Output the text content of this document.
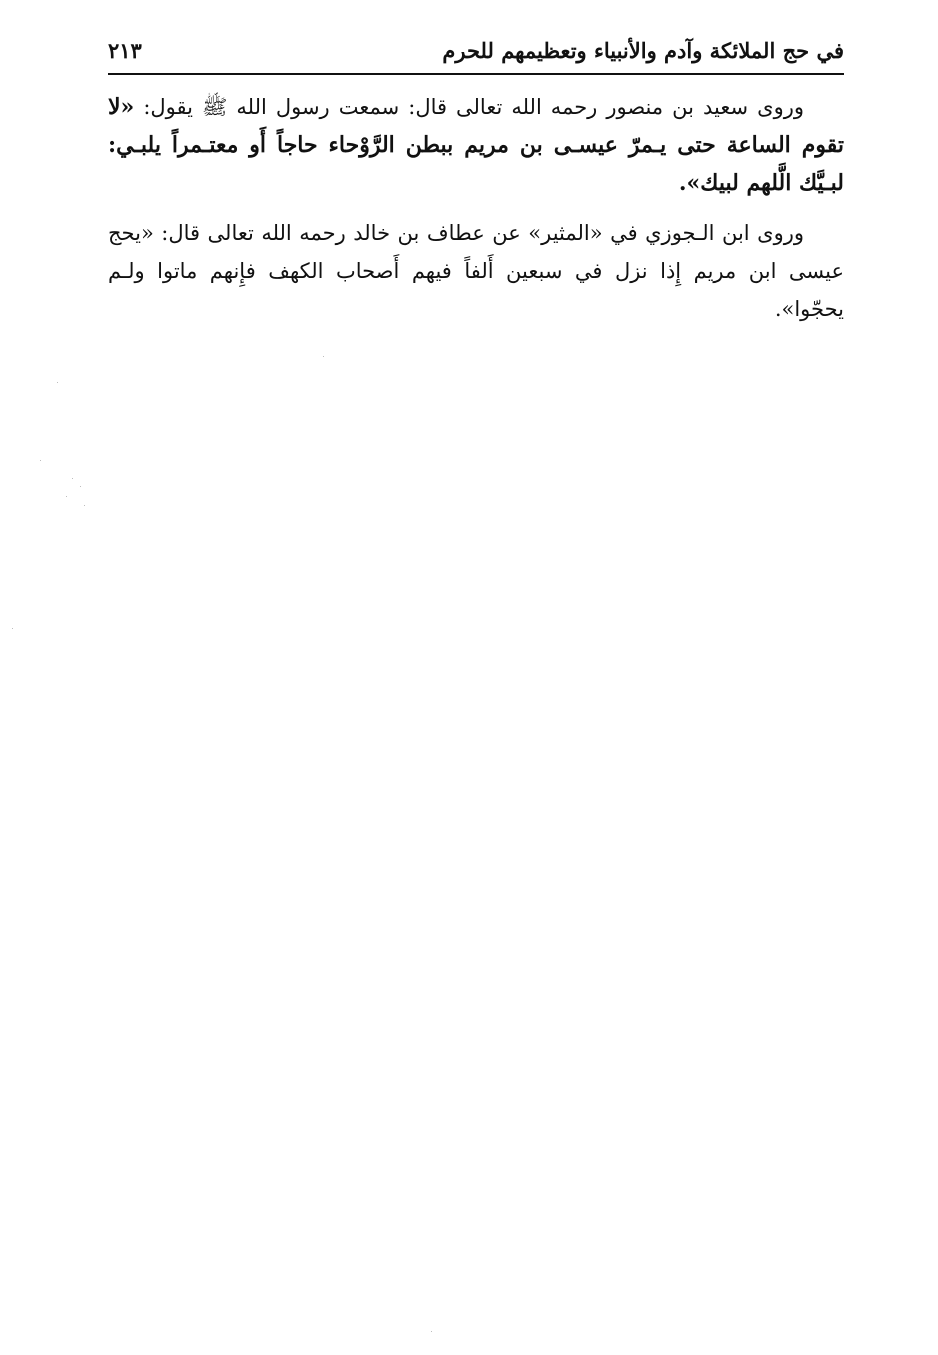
في حج الملائكة وآدم والأنبياء وتعظيمهم للحرم
٢١٣

وروى سعيد بن منصور رحمه الله تعالى قال: سمعت رسول الله ﷺ يقول: «لا تقوم الساعة حتى يـمرّ عيسـى بن مريم ببطن الرَّوْحاء حاجاً أَو معتـمراً يلبـي: لبـيَّك الَّلهم لبيك».

وروى ابن الـجوزي في «المثير» عن عطاف بن خالد رحمه الله تعالى قال: «يحج عيسى ابن مريم إِذا نزل في سبعين أَلفاً فيهم أَصحاب الكهف فإِنهم ماتوا ولـم يحجّوا».
